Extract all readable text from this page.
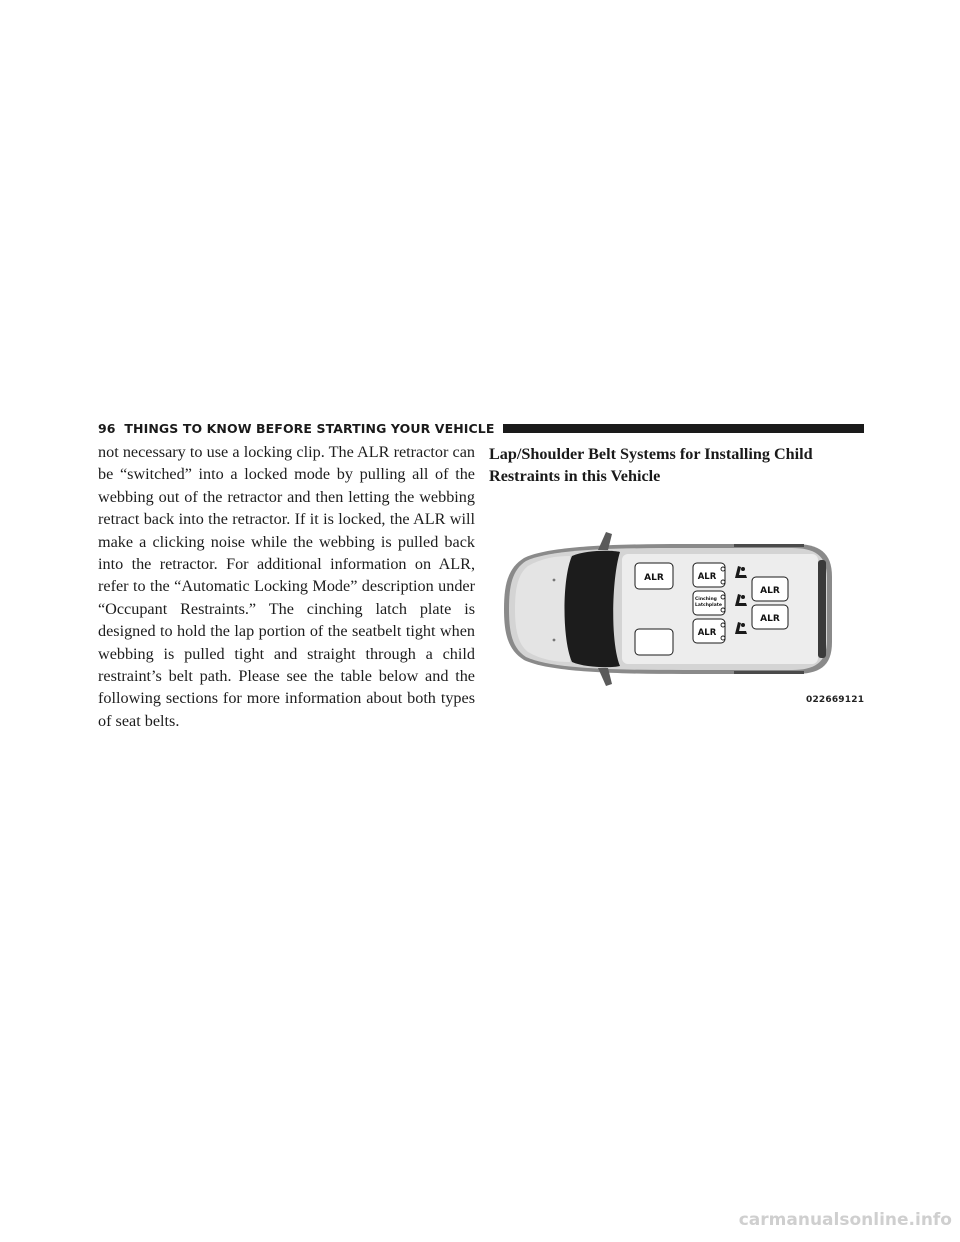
96 THINGS TO KNOW BEFORE STARTING YOUR VEHICLE

not necessary to use a locking clip. The ALR retractor can be “switched” into a locked mode by pulling all of the webbing out of the retractor and then letting the webbing retract back into the retractor. If it is locked, the ALR will make a clicking noise while the webbing is pulled back into the retractor. For additional information on ALR, refer to the “Automatic Locking Mode” description under “Occupant Restraints.” The cinching latch plate is designed to hold the lap portion of the seatbelt tight when webbing is pulled tight and straight through a child restraint’s belt path. Please see the table below and the following sections for more information about both types of seat belts.

Lap/Shoulder Belt Systems for Installing Child Restraints in this Vehicle
ALR	ALR
Cinching
Latchplate
ALR
ALR
ALR
022669121
carmanualsonline.info
